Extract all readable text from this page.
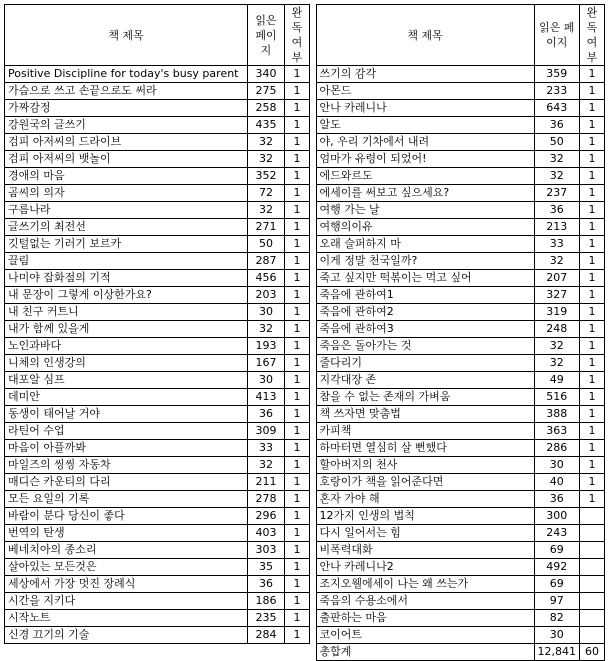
책 제목	읽은 페이지	완독 여부		책 제목	읽은 페이지	완독 여부
Positive Discipline for today's busy parent	340	1		쓰기의 감각	359	1
가슴으로 쓰고 손끝으로도 써라	275	1		아몬드	233	1
가짜감정	258	1		안나 카레니나	643	1
강원국의 글쓰기	435	1		알도	36	1
검피 아저씨의 드라이브	32	1		야, 우리 기차에서 내려	50	1
검피 아저씨의 뱃놀이	32	1		엄마가 유령이 되었어!	32	1
경애의 마음	352	1		에드와르도	32	1
곰씨의 의자	72	1		에세이를 써보고 싶으세요?	237	1
구름나라	32	1		여행 가는 날	36	1
글쓰기의 최전선	271	1		여행의이유	213	1
깃털없는 기러기 보르카	50	1		오래 슬퍼하지 마	33	1
끌림	287	1		이게 정말 천국일까?	32	1
나미야 잡화점의 기적	456	1		죽고 싶지만 떡볶이는 먹고 싶어	207	1
내 문장이 그렇게 이상한가요?	203	1		죽음에 관하여1	327	1
내 친구 커트니	30	1		죽음에 관하여2	319	1
내가 함께 있을게	32	1		죽음에 관하여3	248	1
노인과바다	193	1		죽음은 돌아가는 것	32	1
니체의 인생강의	167	1		줄다리기	32	1
대포알 심프	30	1		지각대장 존	49	1
데미안	413	1		참을 수 없는 존재의 가벼움	516	1
동생이 태어날 거야	36	1		책 쓰자면 맞춤법	388	1
라틴어 수업	309	1		카피책	363	1
마음이 아플까봐	33	1		하마터면 열심히 살 뻔했다	286	1
마일즈의 씽씽 자동차	32	1		할아버지의 천사	30	1
매디슨 카운티의 다리	211	1		호랑이가 책을 읽어준다면	40	1
모든 요일의 기록	278	1		혼자 가야 해	36	1
바람이 분다 당신이 좋다	296	1		12가지 인생의 법칙	300	
번역의 탄생	403	1		다시 일어서는 힘	243	
베네치아의 종소리	303	1		비폭력대화	69	
살아있는 모든것은	35	1		안나 카레니나2	492	
세상에서 가장 멋진 장례식	36	1		조지오웰에세이 나는 왜 쓰는가	69	
시간을 지키다	186	1		죽음의 수용소에서	97	
시작노트	235	1		출판하는 마음	82	
신경 끄기의 기술	284	1		코이어트	30	
				총합계	12,841	60
